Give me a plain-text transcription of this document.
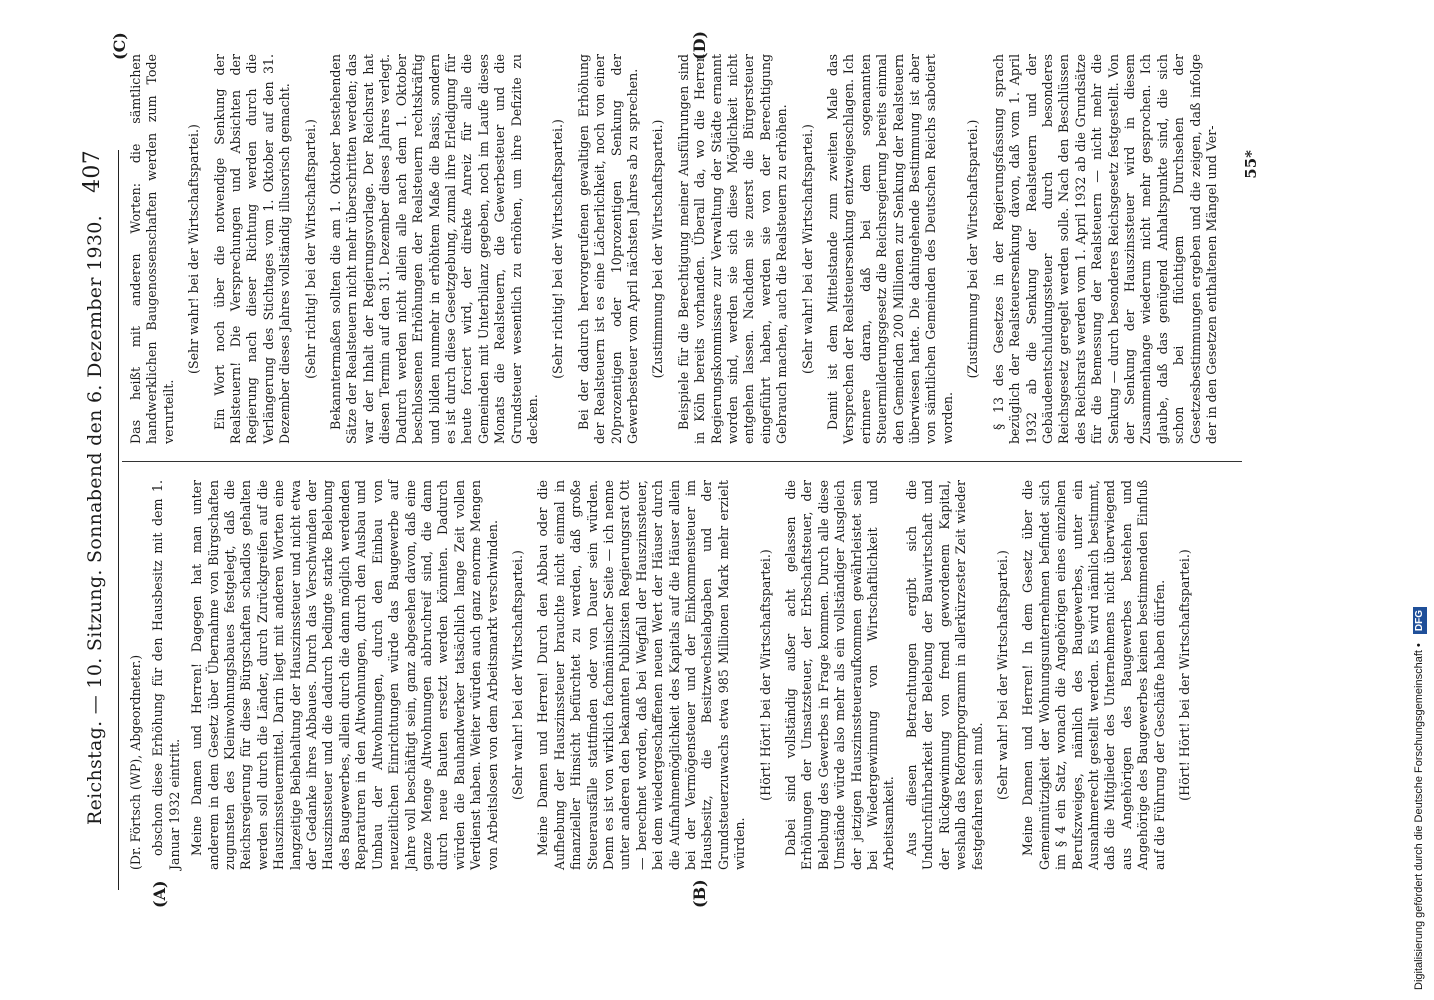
Reichstag. — 10. Sitzung. Sonnabend den 6. Dezember 1930.
407
(A)	(B)
(C)	(D)

(Dr. Förtsch (WP), Abgeordneter.) obschon diese Erhöhung für den Hausbesitz mit dem 1. Januar 1932 eintritt. Meine Damen und Herren! Dagegen hat man unter anderem in dem Gesetz über Übernahme von Bürgschaften zugunsten des Kleinwohnungsbaues festgelegt, daß die Reichsregierung für diese Bürgschaften schadlos gehalten werden soll durch die Länder, durch Zurückgreifen auf die Hauszinssteuermittel. Darin liegt mit anderen Worten eine langzeitige Beibehaltung der Hauszinssteuer und nicht etwa der Gedanke ihres Abbaues. Durch das Verschwinden der Hauszinssteuer und die dadurch bedingte starke Belebung des Baugewerbes, allein durch die dann möglich werdenden Reparaturen in den Altwohnungen, durch den Ausbau und Umbau der Altwohnungen, durch den Einbau von neuzeitlichen Einrichtungen würde das Baugewerbe auf Jahre voll beschäftigt sein, ganz abgesehen davon, daß eine ganze Menge Altwohnungen abbruchreif sind, die dann durch neue Bauten ersetzt werden könnten. Dadurch würden die Bauhandwerker tatsächlich lange Zeit vollen Verdienst haben. Weiter würden auch ganz enorme Mengen von Arbeitslosen von dem Arbeitsmarkt verschwinden. (Sehr wahr! bei der Wirtschaftspartei.) Meine Damen und Herren! Durch den Abbau oder die Aufhebung der Hauszinssteuer brauchte nicht einmal in finanzieller Hinsicht befürchtet zu werden, daß große Steuerausfälle stattfinden oder von Dauer sein würden. Denn es ist von wirklich fachmännischer Seite — ich nenne unter anderen den bekannten Publizisten Regierungsrat Ott — berechnet worden, daß bei Wegfall der Hauszinssteuer, bei dem wiedergeschaffenen neuen Wert der Häuser durch die Aufnahmemöglichkeit des Kapitals auf die Häuser allein bei der Vermögensteuer und der Einkommensteuer im Hausbesitz, die Besitzwechselabgaben und der Grundsteuerzuwachs etwa 985 Millionen Mark mehr erzielt würden.

(Hört! Hört! bei der Wirtschaftspartei.) Dabei sind vollständig außer acht gelassen die Erhöhungen der Umsatzsteuer, der Erbschaftsteuer, der Belebung des Gewerbes in Frage kommen. Durch alle diese Umstände würde also mehr als ein vollständiger Ausgleich der jetzigen Hauszinssteueraufkommen gewährleistet sein bei Wiedergewinnung von Wirtschaftlichkeit und Arbeitsamkeit. Aus diesen Betrachtungen ergibt sich die Undurchführbarkeit der Belebung der Bauwirtschaft und der Rückgewinnung von fremd gewordenem Kapital, weshalb das Reformprogramm in allerkürzester Zeit wieder festgefahren sein muß. (Sehr wahr! bei der Wirtschaftspartei.) Meine Damen und Herren! In dem Gesetz über die Gemeinnützigkeit der Wohnungsunternehmen befindet sich im § 4 ein Satz, wonach die Angehörigen eines einzelnen Berufszweiges, nämlich des Baugewerbes, unter ein Ausnahmerecht gestellt werden. Es wird nämlich bestimmt, daß die Mitglieder des Unternehmens nicht überwiegend aus Angehörigen des Baugewerbes bestehen und Angehörige des Baugewerbes keinen bestimmenden Einfluß auf die Führung der Geschäfte haben dürfen. (Hört! Hört! bei der Wirtschaftspartei.)

Das heißt mit anderen Worten: die sämtlichen handwerklichen Baugenossenschaften werden zum Tode verurteilt.

(Sehr wahr! bei der Wirtschaftspartei.) Ein Wort noch über die notwendige Senkung der Realsteuern! Die Versprechungen und Absichten der Regierung nach dieser Richtung werden durch die Verlängerung des Stichtages vom 1. Oktober auf den 31. Dezember dieses Jahres vollständig illusorisch gemacht. (Sehr richtig! bei der Wirtschaftspartei.) Bekanntermaßen sollten die am 1. Oktober bestehenden Sätze der Realsteuern nicht mehr überschritten werden; das war der Inhalt der Regierungsvorlage. Der Reichsrat hat diesen Termin auf den 31. Dezember dieses Jahres verlegt. Dadurch werden nicht allein alle nach dem 1. Oktober beschlossenen Erhöhungen der Realsteuern rechtskräftig und bilden nunmehr in erhöhtem Maße die Basis, sondern es ist durch diese Gesetzgebung, zumal ihre Erledigung für heute forciert wird, der direkte Anreiz für alle die Gemeinden mit Unterbilanz gegeben, noch im Laufe dieses Monats die Realsteuern, die Gewerbesteuer und die Grundsteuer wesentlich zu erhöhen, um ihre Defizite zu decken.

(Sehr richtig! bei der Wirtschaftspartei.) Bei der dadurch hervorgerufenen gewaltigen Erhöhung der Realsteuern ist es eine Lächerlichkeit, noch von einer 20prozentigen oder 10prozentigen Senkung der Gewerbesteuer vom April nächsten Jahres ab zu sprechen. (Zustimmung bei der Wirtschaftspartei.) Beispiele für die Berechtigung meiner Ausführungen sind in Köln bereits vorhanden. Überall da, wo die Herren Regierungskommissare zur Verwaltung der Städte ernannt worden sind, werden sie sich diese Möglichkeit nicht entgehen lassen. Nachdem sie zuerst die Bürgersteuer eingeführt haben, werden sie von der Berechtigung Gebrauch machen, auch die Realsteuern zu erhöhen. (Sehr wahr! bei der Wirtschaftspartei.) Damit ist dem Mittelstande zum zweiten Male das Versprechen der Realsteuersenkung entzweigeschlagen. Ich erinnere daran, daß bei dem sogenannten Steuermilderungsgesetz die Reichsregierung bereits einmal den Gemeinden 200 Millionen zur Senkung der Realsteuern überwiesen hatte. Die dahingehende Bestimmung ist aber von sämtlichen Gemeinden des Deutschen Reichs sabotiert worden.

(Zustimmung bei der Wirtschaftspartei.) § 13 des Gesetzes in der Regierungsfassung sprach bezüglich der Realsteuersenkung davon, daß vom 1. April 1932 ab die Senkung der Realsteuern und der Gebäudeentschuldungssteuer durch besonderes Reichsgesetz geregelt werden solle. Nach den Beschlüssen des Reichsrats werden vom 1. April 1932 ab die Grundsätze für die Bemessung der Realsteuern — nicht mehr die Senkung — durch besonderes Reichsgesetz festgestellt. Von der Senkung der Hauszinssteuer wird in diesem Zusammenhange wiederum nicht mehr gesprochen. Ich glaube, daß das genügend Anhaltspunkte sind, die sich schon bei flüchtigem Durchsehen der Gesetzesbestimmungen ergeben und die zeigen, daß infolge der in den Gesetzen enthaltenen Mängel und Ver- 55*
Digitalisierung gefördert durch die Deutsche Forschungsgemeinschaft • DFG
